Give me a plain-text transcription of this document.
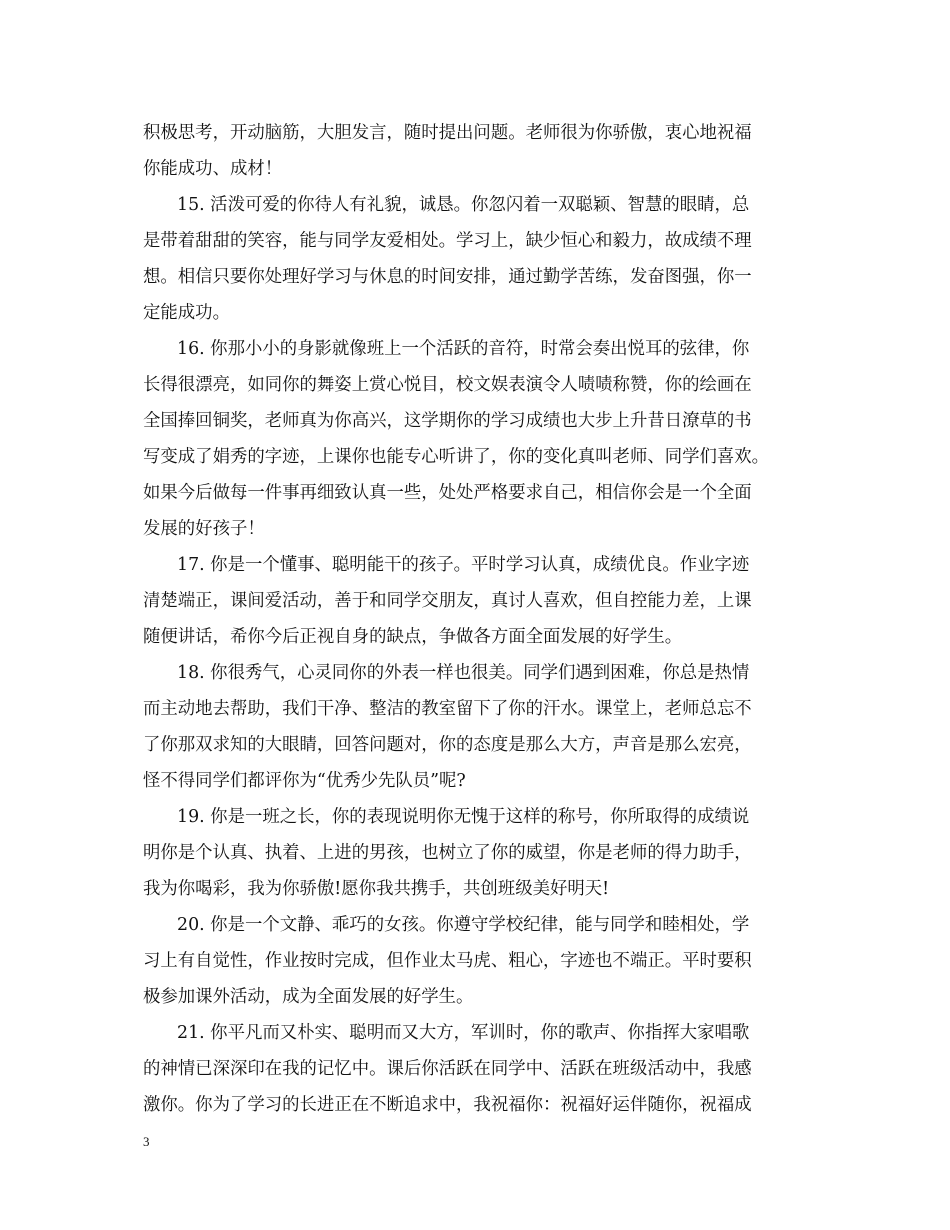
积极思考，开动脑筋，大胆发言，随时提出问题。老师很为你骄傲，衷心地祝福
你能成功、成材！
15. 活泼可爱的你待人有礼貌，诚恳。你忽闪着一双聪颖、智慧的眼睛，总
是带着甜甜的笑容，能与同学友爱相处。学习上，缺少恒心和毅力，故成绩不理
想。相信只要你处理好学习与休息的时间安排，通过勤学苦练，发奋图强，你一
定能成功。
16. 你那小小的身影就像班上一个活跃的音符，时常会奏出悦耳的弦律，你
长得很漂亮，如同你的舞姿上赏心悦目，校文娱表演令人啧啧称赞，你的绘画在
全国捧回铜奖，老师真为你高兴，这学期你的学习成绩也大步上升昔日潦草的书
写变成了娟秀的字迹，上课你也能专心听讲了，你的变化真叫老师、同学们喜欢。
如果今后做每一件事再细致认真一些，处处严格要求自己，相信你会是一个全面
发展的好孩子！
17. 你是一个懂事、聪明能干的孩子。平时学习认真，成绩优良。作业字迹
清楚端正，课间爱活动，善于和同学交朋友，真讨人喜欢，但自控能力差，上课
随便讲话，希你今后正视自身的缺点，争做各方面全面发展的好学生。
18. 你很秀气，心灵同你的外表一样也很美。同学们遇到困难，你总是热情
而主动地去帮助，我们干净、整洁的教室留下了你的汗水。课堂上，老师总忘不
了你那双求知的大眼睛，回答问题对，你的态度是那么大方，声音是那么宏亮，
怪不得同学们都评你为“优秀少先队员”呢?
19. 你是一班之长，你的表现说明你无愧于这样的称号，你所取得的成绩说
明你是个认真、执着、上进的男孩，也树立了你的威望，你是老师的得力助手，
我为你喝彩，我为你骄傲!愿你我共携手，共创班级美好明天!
20. 你是一个文静、乖巧的女孩。你遵守学校纪律，能与同学和睦相处，学
习上有自觉性，作业按时完成，但作业太马虎、粗心，字迹也不端正。平时要积
极参加课外活动，成为全面发展的好学生。
21. 你平凡而又朴实、聪明而又大方，军训时，你的歌声、你指挥大家唱歌
的神情已深深印在我的记忆中。课后你活跃在同学中、活跃在班级活动中，我感
激你。你为了学习的长进正在不断追求中，我祝福你：祝福好运伴随你，祝福成
3
